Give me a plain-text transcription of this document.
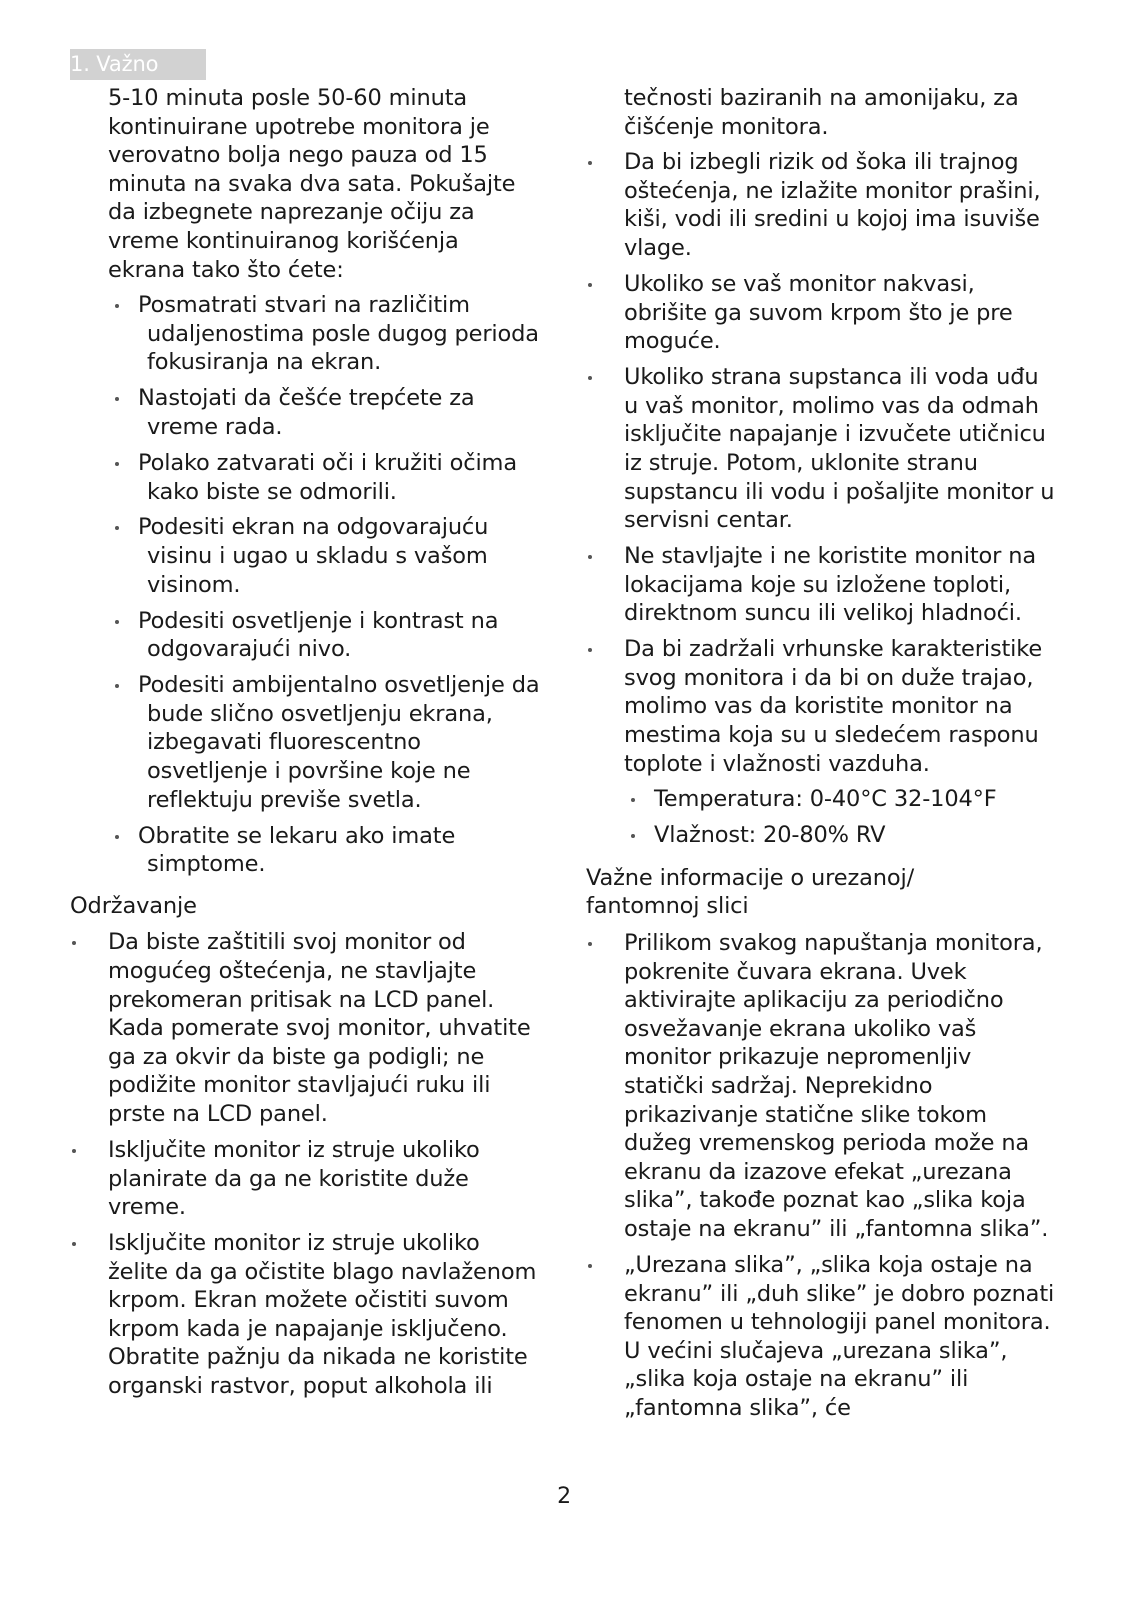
1. Važno

5-10 minuta posle 50-60 minuta kontinuirane upotrebe monitora je verovatno bolja nego pauza od 15 minuta na svaka dva sata. Pokušajte da izbegnete naprezanje očiju za vreme kontinuiranog korišćenja ekrana tako što ćete:

Posmatrati stvari na različitim udaljenostima posle dugog perioda fokusiranja na ekran.
Nastojati da češće trepćete za vreme rada.
Polako zatvarati oči i kružiti očima kako biste se odmorili.
Podesiti ekran na odgovarajuću visinu i ugao u skladu s vašom visinom.
Podesiti osvetljenje i kontrast na odgovarajući nivo.
Podesiti ambijentalno osvetljenje da bude slično osvetljenju ekrana, izbegavati fluorescentno osvetljenje i površine koje ne reflektuju previše svetla.
Obratite se lekaru ako imate simptome.

Održavanje

Da biste zaštitili svoj monitor od mogućeg oštećenja, ne stavljajte prekomeran pritisak na LCD panel. Kada pomerate svoj monitor, uhvatite ga za okvir da biste ga podigli; ne podižite monitor stavljajući ruku ili prste na LCD panel.
Isključite monitor iz struje ukoliko planirate da ga ne koristite duže vreme.
Isključite monitor iz struje ukoliko želite da ga očistite blago navlaženom krpom. Ekran možete očistiti suvom krpom kada je napajanje isključeno. Obratite pažnju da nikada ne koristite organski rastvor, poput alkohola ili

tečnosti baziranih na amonijaku, za čišćenje monitora.

Da bi izbegli rizik od šoka ili trajnog oštećenja, ne izlažite monitor prašini, kiši, vodi ili sredini u kojoj ima isuviše vlage.
Ukoliko se vaš monitor nakvasi, obrišite ga suvom krpom što je pre moguće.
Ukoliko strana supstanca ili voda uđu u vaš monitor, molimo vas da odmah isključite napajanje i izvučete utičnicu iz struje. Potom, uklonite stranu supstancu ili vodu i pošaljite monitor u servisni centar.
Ne stavljajte i ne koristite monitor na lokacijama koje su izložene toploti, direktnom suncu ili velikoj hladnoći.
Da bi zadržali vrhunske karakteristike svog monitora i da bi on duže trajao, molimo vas da koristite monitor na mestima koja su u sledećem rasponu toplote i vlažnosti vazduha.
Temperatura: 0-40°C 32-104°F
Vlažnost: 20-80% RV

Važne informacije o urezanoj/ fantomnoj slici

Prilikom svakog napuštanja monitora, pokrenite čuvara ekrana. Uvek aktivirajte aplikaciju za periodično osvežavanje ekrana ukoliko vaš monitor prikazuje nepromenljiv statički sadržaj. Neprekidno prikazivanje statične slike tokom dužeg vremenskog perioda može na ekranu da izazove efekat „urezana slika”, takođe poznat kao „slika koja ostaje na ekranu” ili „fantomna slika”.
„Urezana slika”, „slika koja ostaje na ekranu” ili „duh slike” je dobro poznati fenomen u tehnologiji panel monitora. U većini slučajeva „urezana slika”, „slika koja ostaje na ekranu” ili „fantomna slika”, će
2
